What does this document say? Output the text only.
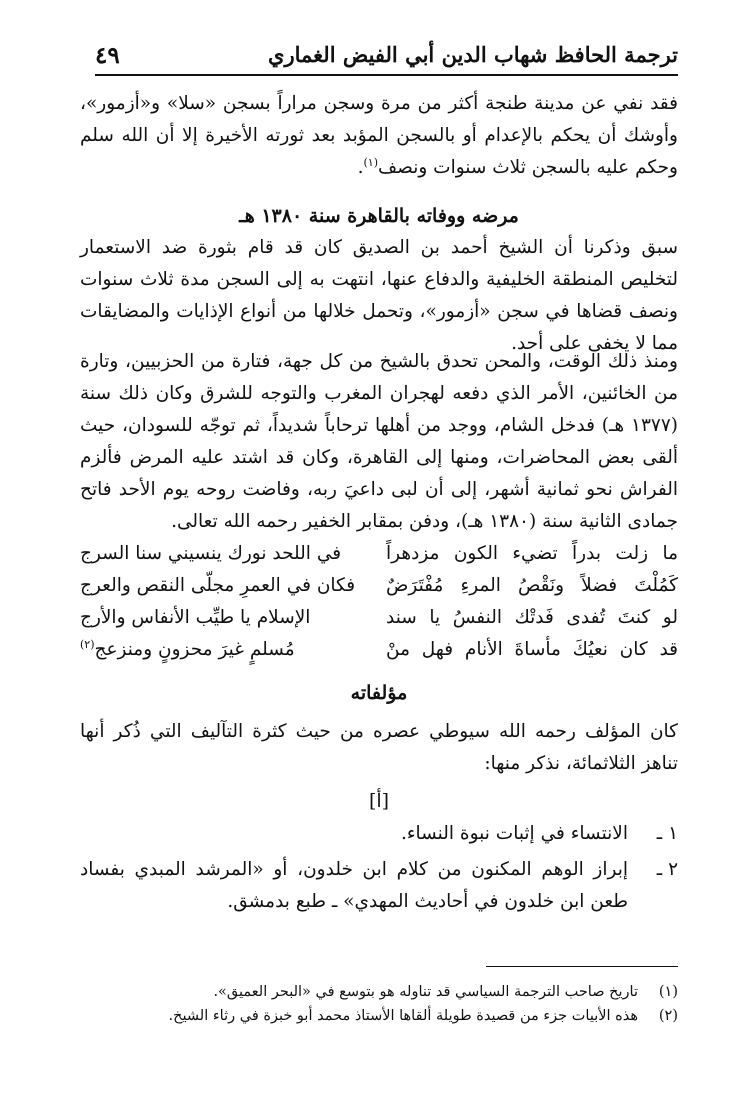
ترجمة الحافظ شهاب الدين أبي الفيض الغماري
٤٩

فقد نفي عن مدينة طنجة أكثر من مرة وسجن مراراً بسجن «سلا» و«أزمور»، وأوشك أن يحكم بالإعدام أو بالسجن المؤبد بعد ثورته الأخيرة إلا أن الله سلم وحكم عليه بالسجن ثلاث سنوات ونصف$^{(١)}$.

مرضه ووفاته بالقاهرة سنة ١٣٨٠ هـ

سبق وذكرنا أن الشيخ أحمد بن الصديق كان قد قام بثورة ضد الاستعمار لتخليص المنطقة الخليفية والدفاع عنها، انتهت به إلى السجن مدة ثلاث سنوات ونصف قضاها في سجن «أزمور»، وتحمل خلالها من أنواع الإذايات والمضايقات مما لا يخفى على أحد.

ومنذ ذلك الوقت، والمحن تحدق بالشيخ من كل جهة، فتارة من الحزبيين، وتارة من الخائنين، الأمر الذي دفعه لهجران المغرب والتوجه للشرق وكان ذلك سنة (١٣٧٧ هـ) فدخل الشام، ووجد من أهلها ترحاباً شديداً، ثم توجّه للسودان، حيث ألقى بعض المحاضرات، ومنها إلى القاهرة، وكان قد اشتد عليه المرض فألزم الفراش نحو ثمانية أشهر، إلى أن لبى داعيَ ربه، وفاضت روحه يوم الأحد فاتح جمادى الثانية سنة (١٣٨٠ هـ)، ودفن بمقابر الخفير رحمه الله تعالى.

ما زلت بدراً تضيء الكون مزدهراً
في اللحد نورك ينسيني سنا السرج
كَمُلْتَ فضلاً ونَقْصُ المرءِ مُفْتَرَضٌ
فكان في العمرِ مجلّى النقص والعرج
لو كنتَ تُفدى فَدتْك النفسُ يا سند
الإسلام يا طيِّب الأنفاس والأرج
قد كان نعيُكَ مأساةَ الأنام فهل منْ
مُسلمٍ غيرَ محزونٍ ومنزعج$^{(٢)}$
مؤلفاته

كان المؤلف رحمه الله سيوطي عصره من حيث كثرة التآليف التي ذُكر أنها تناهز الثلاثمائة، نذكر منها:

[أ]
١ ـ
الانتساء في إثبات نبوة النساء.
٢ ـ
إبراز الوهم المكنون من كلام ابن خلدون، أو «المرشد المبدي بفساد طعن ابن خلدون في أحاديث المهدي» ـ طبع بدمشق.
(١)
تاريخ صاحب الترجمة السياسي قد تناوله هو بتوسع في «البحر العميق».
(٢)
هذه الأبيات جزء من قصيدة طويلة ألقاها الأستاذ محمد أبو خبزة في رثاء الشيخ.
